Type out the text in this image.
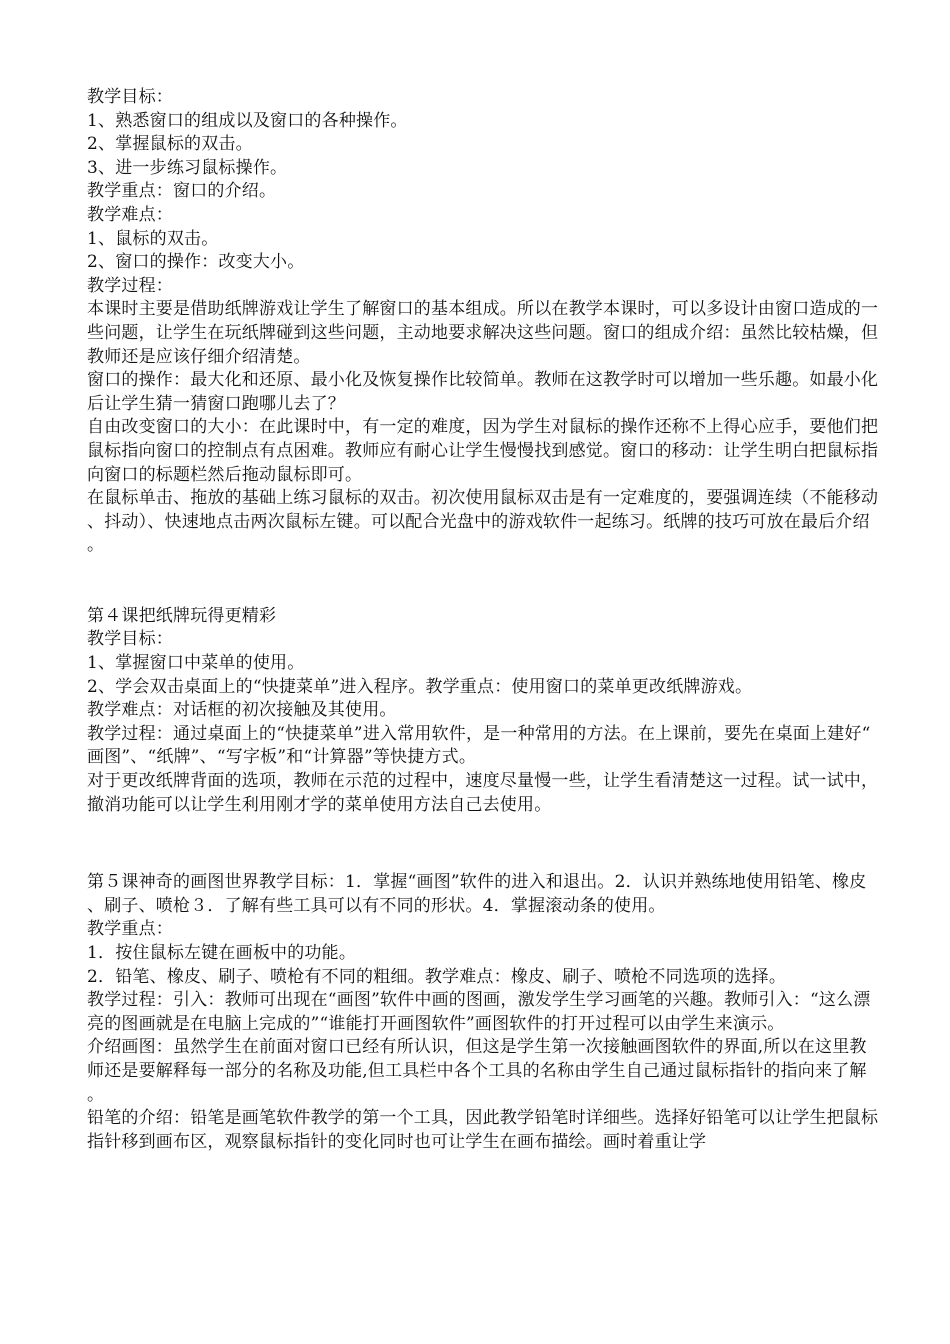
教学目标：
1、熟悉窗口的组成以及窗口的各种操作。
2、掌握鼠标的双击。
3、进一步练习鼠标操作。
教学重点：窗口的介绍。
教学难点：
1、鼠标的双击。
2、窗口的操作：改变大小。
教学过程：
本课时主要是借助纸牌游戏让学生了解窗口的基本组成。所以在教学本课时，可以多设计由窗口造成的一些问题，让学生在玩纸牌碰到这些问题，主动地要求解决这些问题。窗口的组成介绍：虽然比较枯燥，但教师还是应该仔细介绍清楚。
窗口的操作：最大化和还原、最小化及恢复操作比较简单。教师在这教学时可以增加一些乐趣。如最小化后让学生猜一猜窗口跑哪儿去了？
自由改变窗口的大小：在此课时中，有一定的难度，因为学生对鼠标的操作还称不上得心应手，要他们把鼠标指向窗口的控制点有点困难。教师应有耐心让学生慢慢找到感觉。窗口的移动：让学生明白把鼠标指向窗口的标题栏然后拖动鼠标即可。
在鼠标单击、拖放的基础上练习鼠标的双击。初次使用鼠标双击是有一定难度的，要强调连续（不能移动、抖动）、快速地点击两次鼠标左键。可以配合光盘中的游戏软件一起练习。纸牌的技巧可放在最后介绍。
第４课把纸牌玩得更精彩
教学目标：
1、掌握窗口中菜单的使用。
2、学会双击桌面上的“快捷菜单”进入程序。教学重点：使用窗口的菜单更改纸牌游戏。
教学难点：对话框的初次接触及其使用。
教学过程：通过桌面上的“快捷菜单”进入常用软件，是一种常用的方法。在上课前，要先在桌面上建好“画图”、“纸牌”、“写字板”和“计算器”等快捷方式。
对于更改纸牌背面的选项，教师在示范的过程中，速度尽量慢一些，让学生看清楚这一过程。试一试中，撤消功能可以让学生利用刚才学的菜单使用方法自己去使用。
第５课神奇的画图世界教学目标：1．掌握“画图”软件的进入和退出。2．认识并熟练地使用铅笔、橡皮、刷子、喷枪３．了解有些工具可以有不同的形状。4．掌握滚动条的使用。
教学重点：
1．按住鼠标左键在画板中的功能。
2．铅笔、橡皮、刷子、喷枪有不同的粗细。教学难点：橡皮、刷子、喷枪不同选项的选择。
教学过程：引入：教师可出现在“画图”软件中画的图画，激发学生学习画笔的兴趣。教师引入：“这么漂亮的图画就是在电脑上完成的”“谁能打开画图软件”画图软件的打开过程可以由学生来演示。
介绍画图：虽然学生在前面对窗口已经有所认识，但这是学生第一次接触画图软件的界面,所以在这里教师还是要解释每一部分的名称及功能,但工具栏中各个工具的名称由学生自己通过鼠标指针的指向来了解。
铅笔的介绍：铅笔是画笔软件教学的第一个工具，因此教学铅笔时详细些。选择好铅笔可以让学生把鼠标指针移到画布区，观察鼠标指针的变化同时也可让学生在画布描绘。画时着重让学
